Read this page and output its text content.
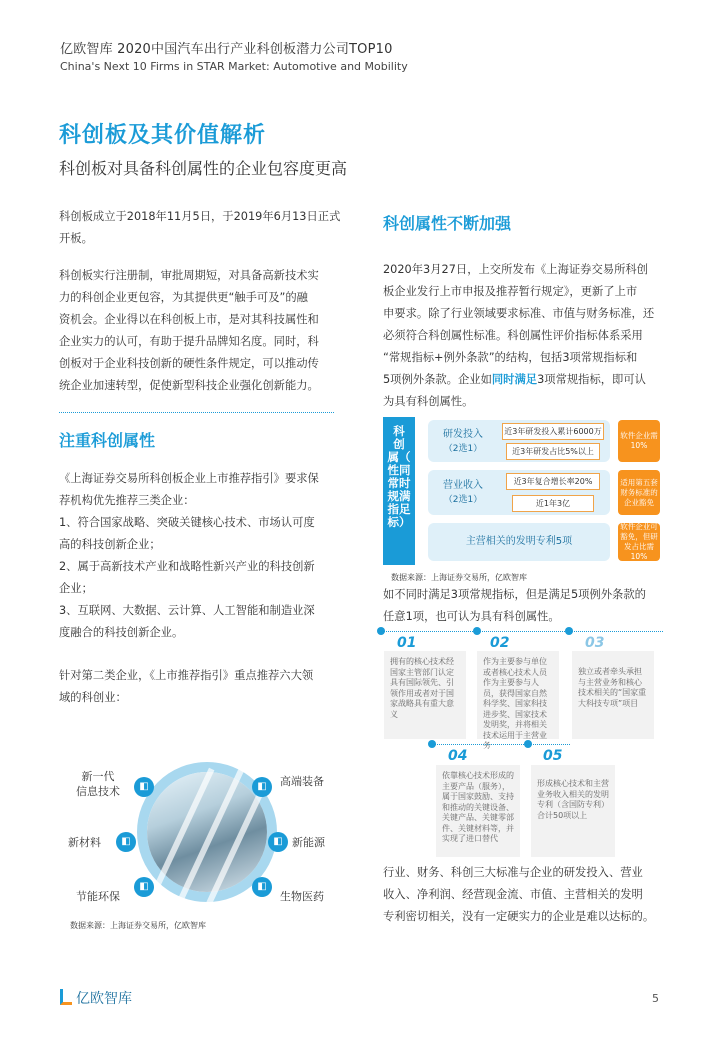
亿欧智库 2020中国汽车出行产业科创板潜力公司TOP10
China's Next 10 Firms in STAR Market: Automotive and Mobility
科创板及其价值解析
科创板对具备科创属性的企业包容度更高
科创板成立于2018年11月5日，于2019年6月13日正式
开板。
科创板实行注册制，审批周期短，对具备高新技术实
力的科创企业更包容，为其提供更“触手可及”的融
资机会。企业得以在科创板上市，是对其科技属性和
企业实力的认可，有助于提升品牌知名度。同时，科
创板对于企业科技创新的硬性条件规定，可以推动传
统企业加速转型，促使新型科技企业强化创新能力。
注重科创属性
《上海证券交易所科创板企业上市推荐指引》要求保
荐机构优先推荐三类企业：
1、符合国家战略、突破关键核心技术、市场认可度
高的科技创新企业；
2、属于高新技术产业和战略性新兴产业的科技创新
企业；
3、互联网、大数据、云计算、人工智能和制造业深
度融合的科技创新企业。
针对第二类企业，《上市推荐指引》重点推荐六大领
域的科创业：
◧
◧
◧
◧
◧
◧
新一代
信息技术
新材料
节能环保
高端装备
新能源
生物医药
数据来源：上海证券交易所，亿欧智库
科创属性不断加强
2020年3月27日，上交所发布《上海证券交易所科创
板企业发行上市申报及推荐暂行规定》，更新了上市
申要求。除了行业领域要求标准、市值与财务标准，还
必须符合科创属性标准。科创属性评价指标体系采用
“常规指标+例外条款”的结构，包括3项常规指标和
5项例外条款。企业如同时满足3项常规指标，即可认
为具有科创属性。
科
创
属（
性同
常时
规满
指足
标）
研发投入
（2选1）
近3年研发投入累计6000万
近3年研发占比5%以上
营业收入
（2选1）
近3年复合增长率20%
近1年3亿
主营相关的发明专利5项
软件企业需10%
适用第五套财务标准的企业豁免
软件企业可豁免，但研发占比需10%
数据来源：上海证券交易所，亿欧智库
如不同时满足3项常规指标，但是满足5项例外条款的
任意1项，也可认为具有科创属性。
01	02	03
拥有的核心技术经国家主管部门认定具有国际领先、引领作用或者对于国家战略具有重大意义
作为主要参与单位或者核心技术人员作为主要参与人员，获得国家自然科学奖、国家科技进步奖、国家技术发明奖，并将相关技术运用于主营业务
独立或者牵头承担与主营业务和核心技术相关的“国家重大科技专项”项目
04	05
依靠核心技术形成的主要产品（服务），属于国家鼓励、支持和推动的关键设备、关键产品、关键零部件、关键材料等，并实现了进口替代
形成核心技术和主营业务收入相关的发明专利（含国防专利）合计50项以上
行业、财务、科创三大标准与企业的研发投入、营业
收入、净利润、经营现金流、市值、主营相关的发明
专利密切相关，没有一定硬实力的企业是难以达标的。
亿欧智库	5
